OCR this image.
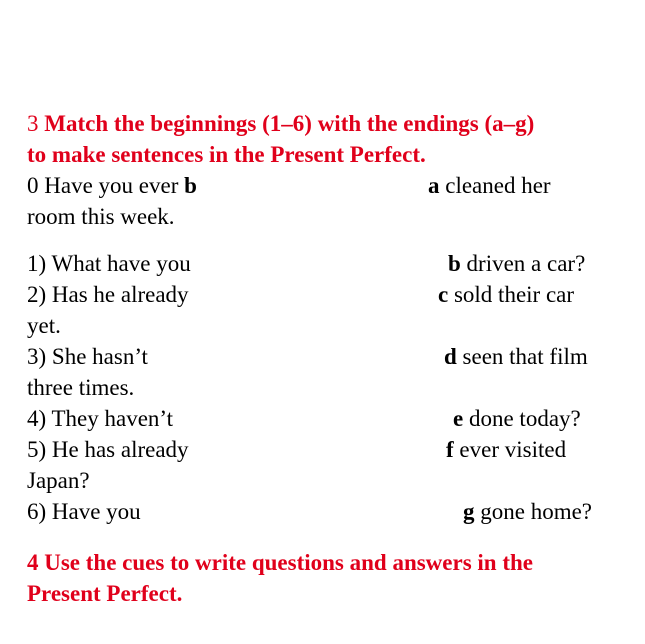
3 Match the beginnings (1–6) with the endings (a–g)
to make sentences in the Present Perfect.
0 Have you ever b	a cleaned her
room this week.
1) What have you	b driven a car?
2) Has he already	c sold their car
yet.
3) She hasn’t	d seen that film
three times.
4) They haven’t	e done today?
5) He has already	f ever visited
Japan?
6) Have you	g gone home?
4 Use the cues to write questions and answers in the
Present Perfect.
